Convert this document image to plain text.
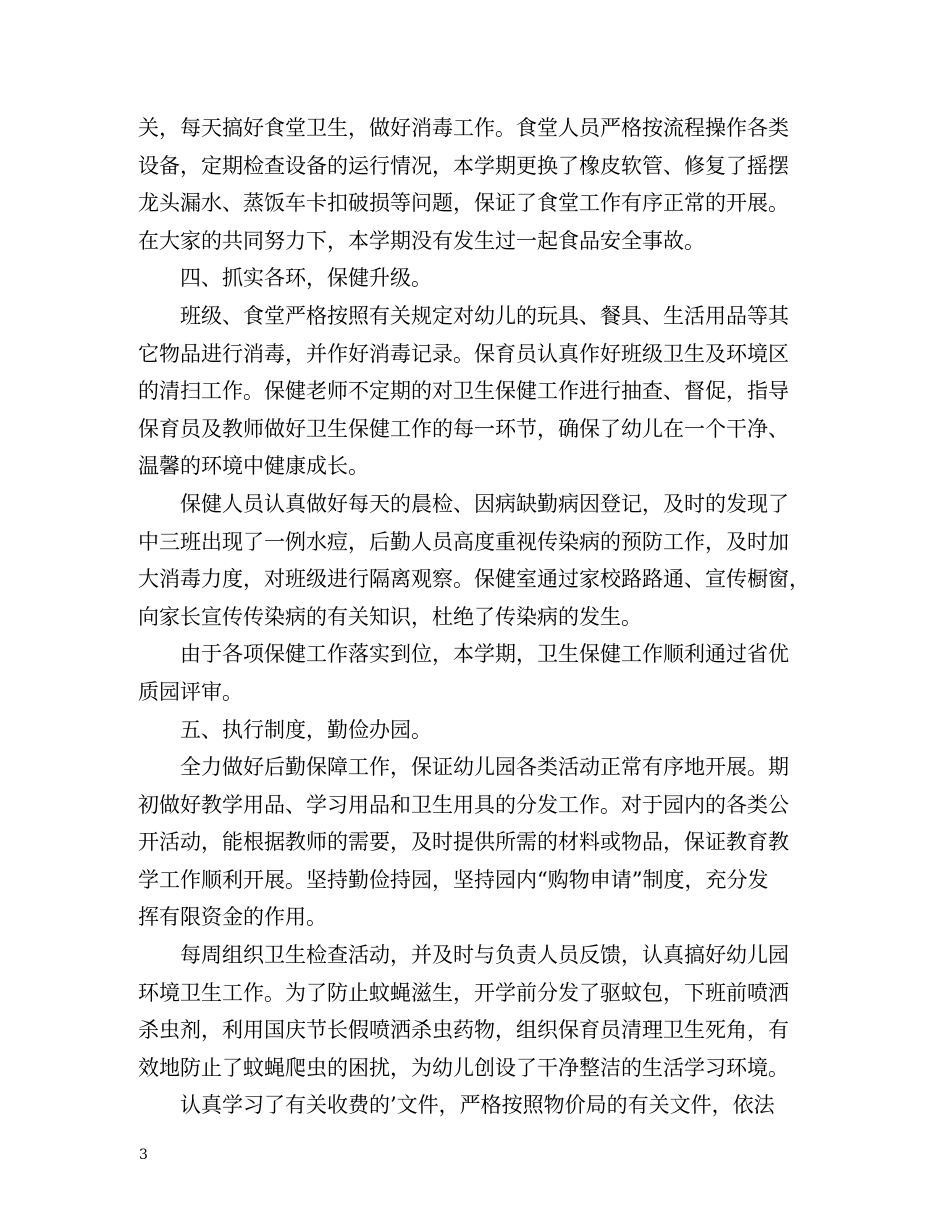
关，每天搞好食堂卫生，做好消毒工作。食堂人员严格按流程操作各类
设备，定期检查设备的运行情况，本学期更换了橡皮软管、修复了摇摆
龙头漏水、蒸饭车卡扣破损等问题，保证了食堂工作有序正常的开展。
在大家的共同努力下，本学期没有发生过一起食品安全事故。
四、抓实各环，保健升级。
班级、食堂严格按照有关规定对幼儿的玩具、餐具、生活用品等其
它物品进行消毒，并作好消毒记录。保育员认真作好班级卫生及环境区
的清扫工作。保健老师不定期的对卫生保健工作进行抽查、督促，指导
保育员及教师做好卫生保健工作的每一环节，确保了幼儿在一个干净、
温馨的环境中健康成长。
保健人员认真做好每天的晨检、因病缺勤病因登记，及时的发现了
中三班出现了一例水痘，后勤人员高度重视传染病的预防工作，及时加
大消毒力度，对班级进行隔离观察。保健室通过家校路路通、宣传橱窗，
向家长宣传传染病的有关知识，杜绝了传染病的发生。
由于各项保健工作落实到位，本学期，卫生保健工作顺利通过省优
质园评审。
五、执行制度，勤俭办园。
全力做好后勤保障工作，保证幼儿园各类活动正常有序地开展。期
初做好教学用品、学习用品和卫生用具的分发工作。对于园内的各类公
开活动，能根据教师的需要，及时提供所需的材料或物品，保证教育教
学工作顺利开展。坚持勤俭持园，坚持园内“购物申请”制度，充分发
挥有限资金的作用。
每周组织卫生检查活动，并及时与负责人员反馈，认真搞好幼儿园
环境卫生工作。为了防止蚊蝇滋生，开学前分发了驱蚊包，下班前喷洒
杀虫剂，利用国庆节长假喷洒杀虫药物，组织保育员清理卫生死角，有
效地防止了蚊蝇爬虫的困扰，为幼儿创设了干净整洁的生活学习环境。
认真学习了有关收费的’文件，严格按照物价局的有关文件，依法
3
